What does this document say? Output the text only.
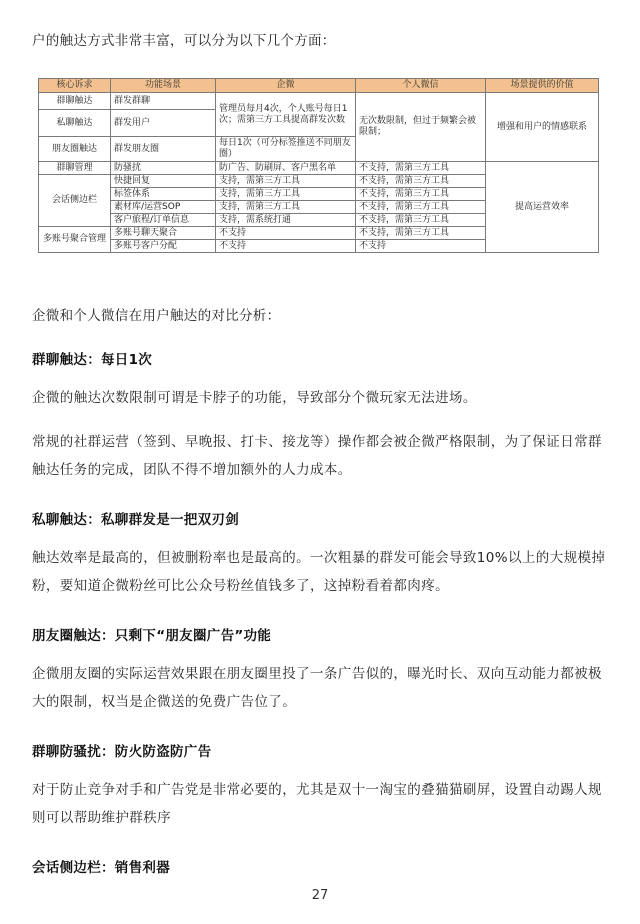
户的触达方式非常丰富，可以分为以下几个方面：
核心诉求	功能场景	企微	个人微信	场景提供的价值
群聊触达	群发群聊	管理员每月4次，个人账号每日1次；需第三方工具提高群发次数	无次数限制，但过于频繁会被限制；	增强和用户的情感联系
私聊触达	群发用户			
朋友圈触达	群发朋友圈	每日1次（可分标签推送不同朋友圈）		
群聊管理	防骚扰	防广告、防刷屏、客户黑名单	不支持，需第三方工具	提高运营效率
会话侧边栏	快捷回复	支持，需第三方工具	不支持，需第三方工具	
	标签体系	支持，需第三方工具	不支持，需第三方工具	
	素材库/运营SOP	支持，需第三方工具	不支持，需第三方工具	
	客户旅程/订单信息	支持，需系统打通	不支持，需第三方工具	
多账号聚合管理	多账号聊天聚合	不支持	不支持，需第三方工具	
	多账号客户分配	不支持	不支持	
企微和个人微信在用户触达的对比分析：
群聊触达：每日1次
企微的触达次数限制可谓是卡脖子的功能，导致部分个微玩家无法进场。
常规的社群运营（签到、早晚报、打卡、接龙等）操作都会被企微严格限制，为了保证日常群触达任务的完成，团队不得不增加额外的人力成本。
私聊触达：私聊群发是一把双刃剑
触达效率是最高的，但被删粉率也是最高的。一次粗暴的群发可能会导致10%以上的大规模掉粉，要知道企微粉丝可比公众号粉丝值钱多了，这掉粉看着都肉疼。
朋友圈触达：只剩下“朋友圈广告”功能
企微朋友圈的实际运营效果跟在朋友圈里投了一条广告似的，曝光时长、双向互动能力都被极大的限制，权当是企微送的免费广告位了。
群聊防骚扰：防火防盗防广告
对于防止竞争对手和广告党是非常必要的，尤其是双十一淘宝的叠猫猫刷屏，设置自动踢人规则可以帮助维护群秩序
会话侧边栏：销售利器
27
